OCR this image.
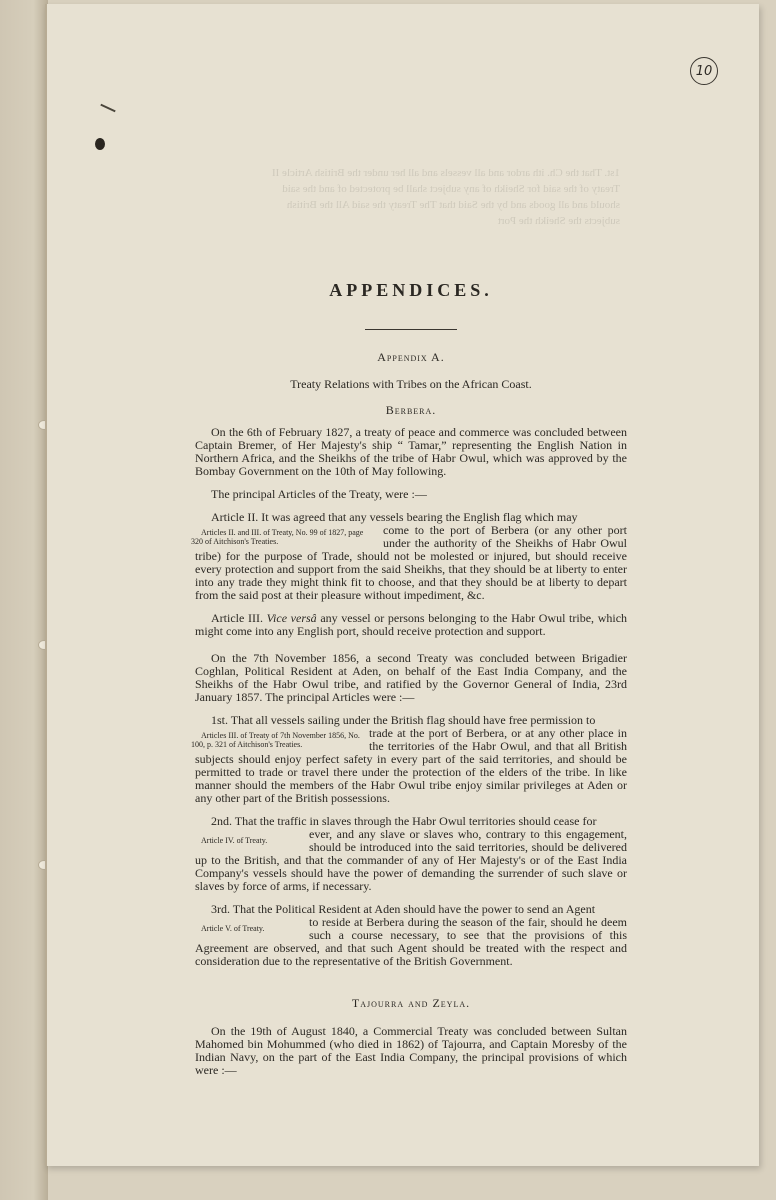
10
1st. That the Ch. ith ardor and all vessels and all her under the British Article II Treaty of the said for Sheikh of any subject shall be protected of and the said should and all goods and by the Said that The Treaty the said All the British subjects the Sheikh the Port
APPENDICES.
Appendix A.
Treaty Relations with Tribes on the African Coast.
Berbera.

On the 6th of February 1827, a treaty of peace and commerce was concluded between Captain Bremer, of Her Majesty's ship “ Tamar,” representing the English Nation in Northern Africa, and the Sheikhs of the tribe of Habr Owul, which was approved by the Bombay Government on the 10th of May following.

The principal Articles of the Treaty, were :—

Article II. It was agreed that any vessels bearing the English flag which may

Articles II. and III. of Treaty, No. 99 of 1827, page 320 of Aitchison's Treaties.

come to the port of Berbera (or any other port under the authority of the Sheikhs of Habr Owul tribe) for the purpose of Trade, should not be molested or injured, but should receive every protection and support from the said Sheikhs, that they should be at liberty to enter into any trade they might think fit to choose, and that they should be at liberty to depart from the said post at their pleasure without impediment, &c.

Article III. Vice versâ any vessel or persons belonging to the Habr Owul tribe, which might come into any English port, should receive protection and support.

On the 7th November 1856, a second Treaty was concluded between Brigadier Coghlan, Political Resident at Aden, on behalf of the East India Company, and the Sheikhs of the Habr Owul tribe, and ratified by the Governor General of India, 23rd January 1857. The principal Articles were :—

1st. That all vessels sailing under the British flag should have free permission to

Articles III. of Treaty of 7th November 1856, No. 100, p. 321 of Aitchison's Treaties.

trade at the port of Berbera, or at any other place in the territories of the Habr Owul, and that all British subjects should enjoy perfect safety in every part of the said territories, and should be permitted to trade or travel there under the protection of the elders of the tribe. In like manner should the members of the Habr Owul tribe enjoy similar privileges at Aden or any other part of the British possessions.

2nd. That the traffic in slaves through the Habr Owul territories should cease for

Article IV. of Treaty.	ever, and any slave or slaves who, contrary to this engagement, should be introduced into the said territories, should be delivered up to the British, and that the commander of any of Her Majesty's or of the East India Company's vessels should have the power of demanding the surrender of such slave or slaves by force of arms, if necessary.

3rd. That the Political Resident at Aden should have the power to send an Agent

Article V. of Treaty.	to reside at Berbera during the season of the fair, should he deem such a course necessary, to see that the provisions of this Agreement are observed, and that such Agent should be treated with the respect and consideration due to the representative of the British Government.

Tajourra and Zeyla.

On the 19th of August 1840, a Commercial Treaty was concluded between Sultan Mahomed bin Mohummed (who died in 1862) of Tajourra, and Captain Moresby of the Indian Navy, on the part of the East India Company, the principal provisions of which were :—
